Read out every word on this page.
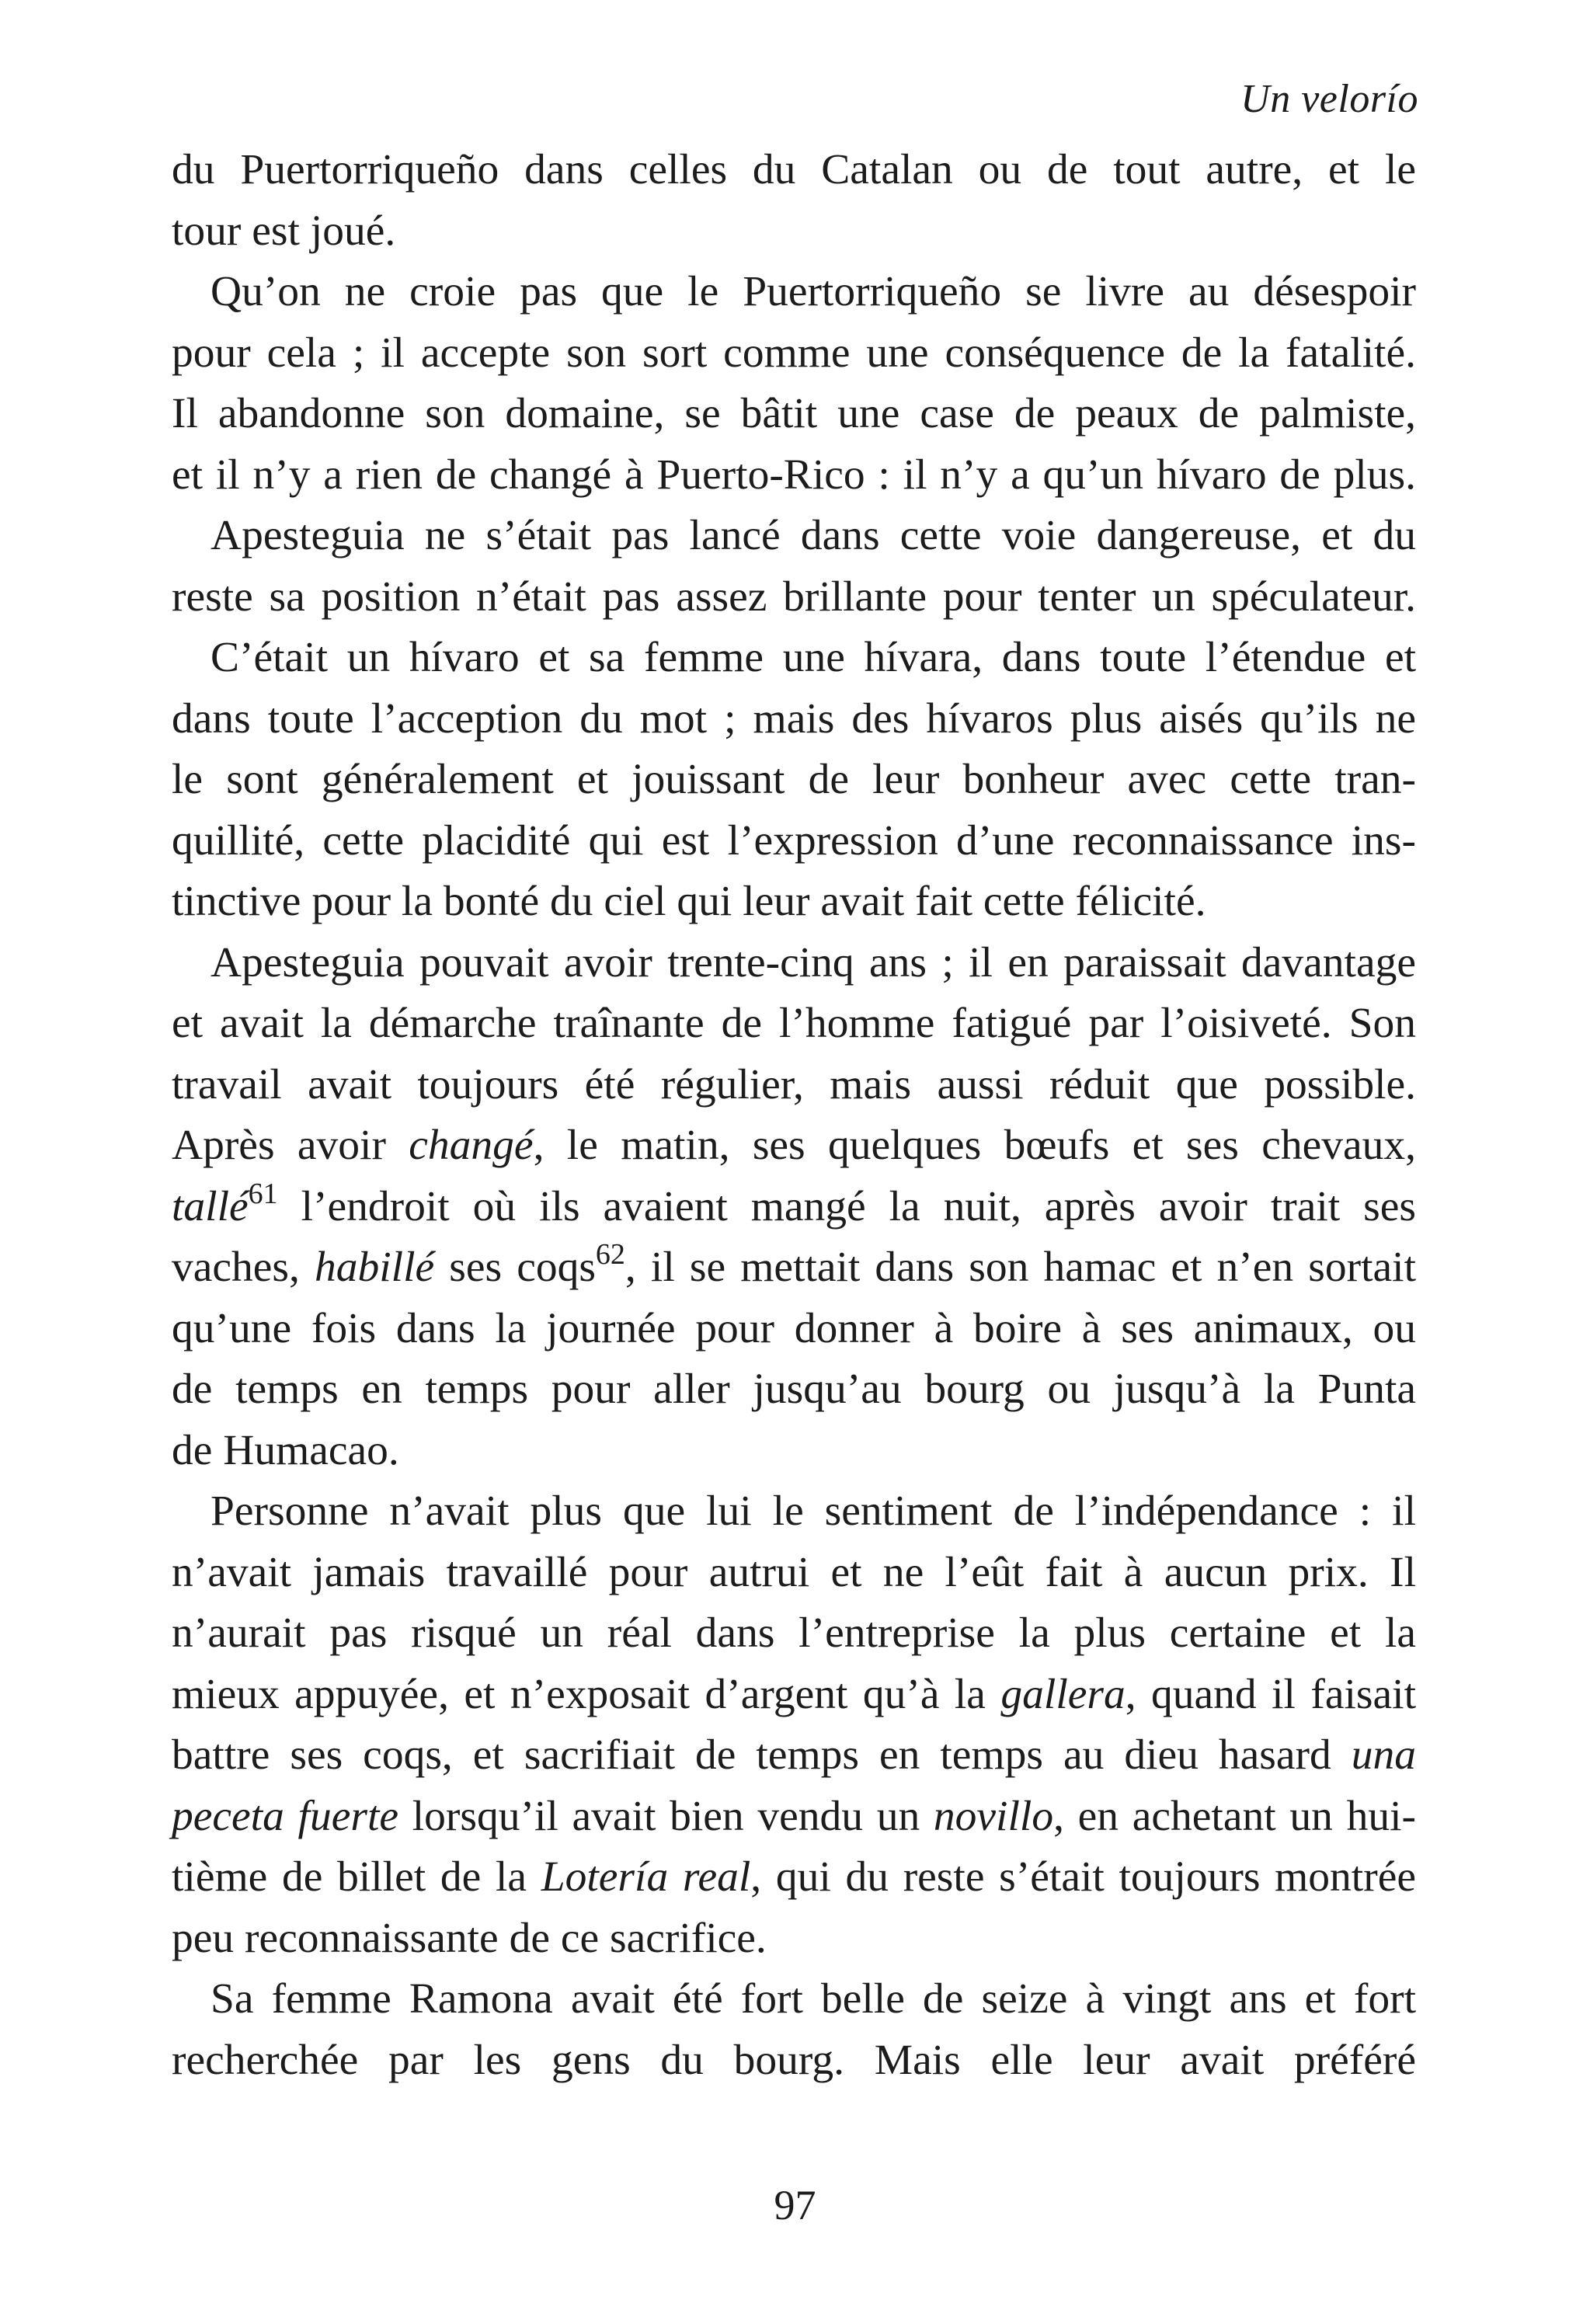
Un velorío
du Puertorriqueño dans celles du Catalan ou de tout autre, et le
tour est joué.
Qu’on ne croie pas que le Puertorriqueño se livre au désespoir
pour cela ; il accepte son sort comme une conséquence de la fatalité.
Il abandonne son domaine, se bâtit une case de peaux de palmiste,
et il n’y a rien de changé à Puerto-Rico : il n’y a qu’un hívaro de plus.
Apesteguia ne s’était pas lancé dans cette voie dangereuse, et du
reste sa position n’était pas assez brillante pour tenter un spéculateur.
C’était un hívaro et sa femme une hívara, dans toute l’étendue et
dans toute l’acception du mot ; mais des hívaros plus aisés qu’ils ne
le sont généralement et jouissant de leur bonheur avec cette tran-
quillité, cette placidité qui est l’expression d’une reconnaissance ins-
tinctive pour la bonté du ciel qui leur avait fait cette félicité.
Apesteguia pouvait avoir trente-cinq ans ; il en paraissait davantage
et avait la démarche traînante de l’homme fatigué par l’oisiveté. Son
travail avait toujours été régulier, mais aussi réduit que possible.
Après avoir changé, le matin, ses quelques bœufs et ses chevaux,
tallé$^{61}$ l’endroit où ils avaient mangé la nuit, après avoir trait ses
vaches, habillé ses coqs$^{62}$, il se mettait dans son hamac et n’en sortait
qu’une fois dans la journée pour donner à boire à ses animaux, ou
de temps en temps pour aller jusqu’au bourg ou jusqu’à la Punta
de Humacao.
Personne n’avait plus que lui le sentiment de l’indépendance : il
n’avait jamais travaillé pour autrui et ne l’eût fait à aucun prix. Il
n’aurait pas risqué un réal dans l’entreprise la plus certaine et la
mieux appuyée, et n’exposait d’argent qu’à la gallera, quand il faisait
battre ses coqs, et sacrifiait de temps en temps au dieu hasard una
peceta fuerte lorsqu’il avait bien vendu un novillo, en achetant un hui-
tième de billet de la Lotería real, qui du reste s’était toujours montrée
peu reconnaissante de ce sacrifice.
Sa femme Ramona avait été fort belle de seize à vingt ans et fort
recherchée par les gens du bourg. Mais elle leur avait préféré
97
